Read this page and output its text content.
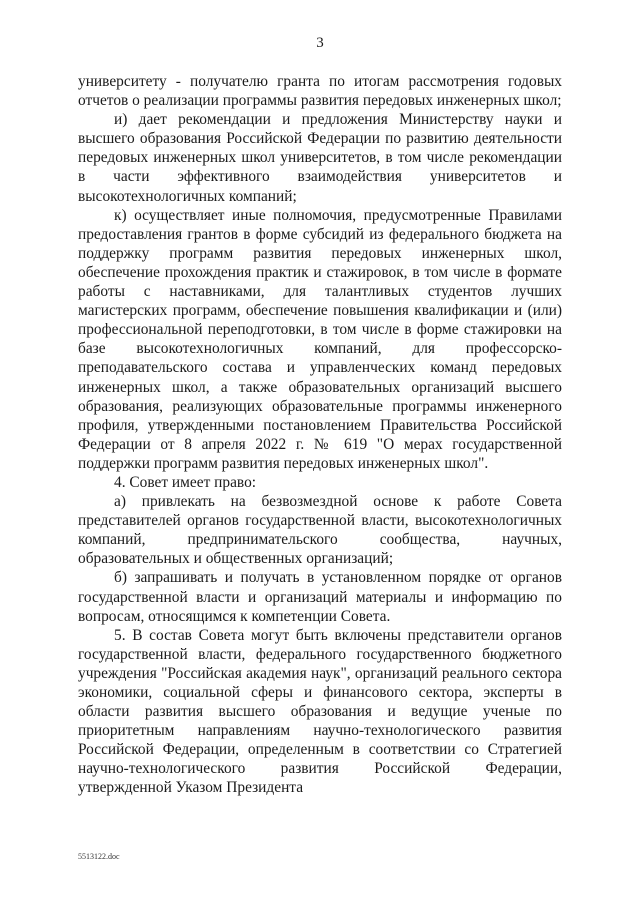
3

университету - получателю гранта по итогам рассмотрения годовых отчетов о реализации программы развития передовых инженерных школ;

и) дает рекомендации и предложения Министерству науки и высшего образования Российской Федерации по развитию деятельности передовых инженерных школ университетов, в том числе рекомендации в части эффективного взаимодействия университетов и высокотехнологичных компаний;

к) осуществляет иные полномочия, предусмотренные Правилами предоставления грантов в форме субсидий из федерального бюджета на поддержку программ развития передовых инженерных школ, обеспечение прохождения практик и стажировок, в том числе в формате работы с наставниками, для талантливых студентов лучших магистерских программ, обеспечение повышения квалификации и (или) профессиональной переподготовки, в том числе в форме стажировки на базе высокотехнологичных компаний, для профессорско-преподавательского состава и управленческих команд передовых инженерных школ, а также образовательных организаций высшего образования, реализующих образовательные программы инженерного профиля, утвержденными постановлением Правительства Российской Федерации от 8 апреля 2022 г. № 619 "О мерах государственной поддержки программ развития передовых инженерных школ".

4. Совет имеет право:

а) привлекать на безвозмездной основе к работе Совета представителей органов государственной власти, высокотехнологичных компаний, предпринимательского сообщества, научных, образовательных и общественных организаций;

б) запрашивать и получать в установленном порядке от органов государственной власти и организаций материалы и информацию по вопросам, относящимся к компетенции Совета.

5. В состав Совета могут быть включены представители органов государственной власти, федерального государственного бюджетного учреждения "Российская академия наук", организаций реального сектора экономики, социальной сферы и финансового сектора, эксперты в области развития высшего образования и ведущие ученые по приоритетным направлениям научно-технологического развития Российской Федерации, определенным в соответствии со Стратегией научно-технологического развития Российской Федерации, утвержденной Указом Президента

5513122.doc
